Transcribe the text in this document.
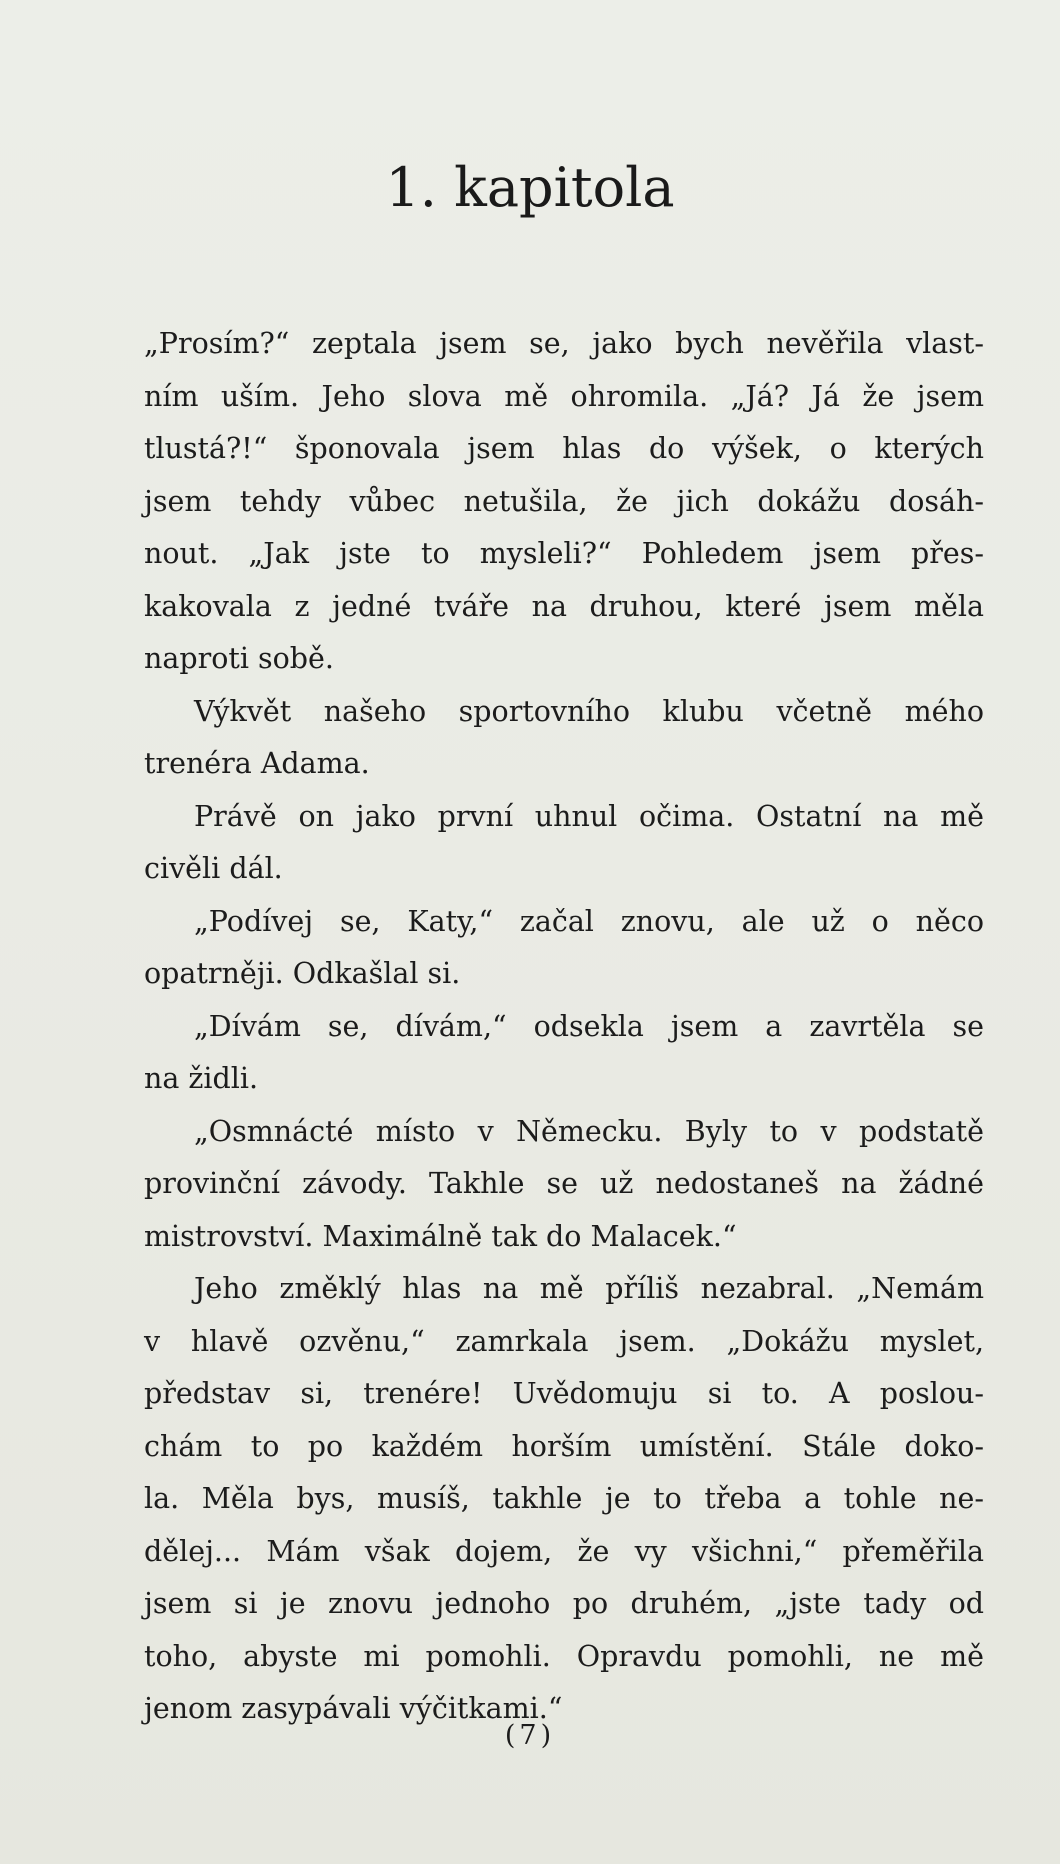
1. kapitola
„Prosím?“ zeptala jsem se, jako bych nevěřila vlast-
ním uším. Jeho slova mě ohromila. „Já? Já že jsem
tlustá?!“ šponovala jsem hlas do výšek, o kterých
jsem tehdy vůbec netušila, že jich dokážu dosáh-
nout. „Jak jste to mysleli?“ Pohledem jsem přes-
kakovala z jedné tváře na druhou, které jsem měla
naproti sobě.
Výkvět našeho sportovního klubu včetně mého
trenéra Adama.
Právě on jako první uhnul očima. Ostatní na mě
civěli dál.
„Podívej se, Katy,“ začal znovu, ale už o něco
opatrněji. Odkašlal si.
„Dívám se, dívám,“ odsekla jsem a zavrtěla se
na židli.
„Osmnácté místo v Německu. Byly to v podstatě
provinční závody. Takhle se už nedostaneš na žádné
mistrovství. Maximálně tak do Malacek.“
Jeho změklý hlas na mě příliš nezabral. „Nemám
v hlavě ozvěnu,“ zamrkala jsem. „Dokážu myslet,
představ si, trenére! Uvědomuju si to. A poslou-
chám to po každém horším umístění. Stále doko-
la. Měla bys, musíš, takhle je to třeba a tohle ne-
dělej... Mám však dojem, že vy všichni,“ přeměřila
jsem si je znovu jednoho po druhém, „jste tady od
toho, abyste mi pomohli. Opravdu pomohli, ne mě
jenom zasypávali výčitkami.“
(7)
